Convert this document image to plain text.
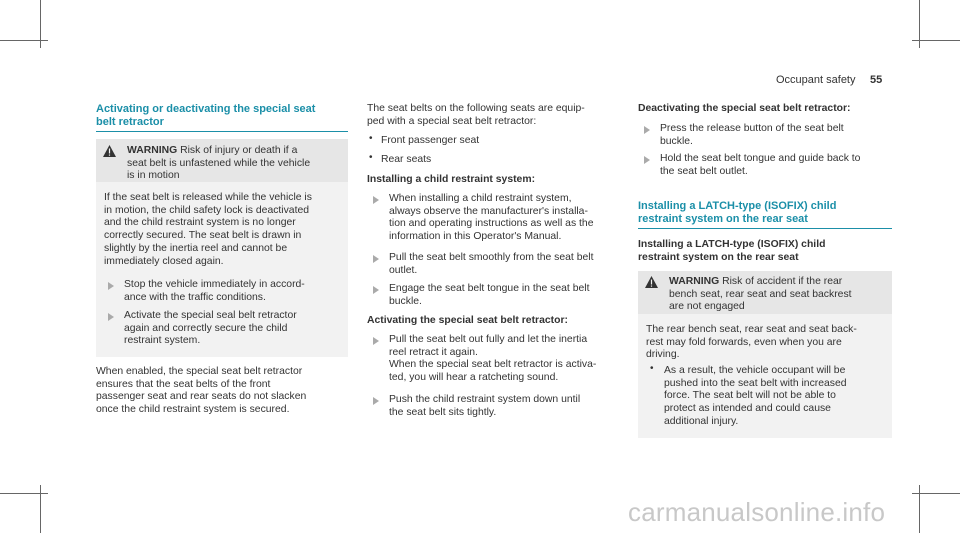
Occupant safety 55
Activating or deactivating the special seat
belt retractor
WARNING Risk of injury or death if a
seat belt is unfastened while the vehicle
is in motion
If the seat belt is released while the vehicle is
in motion, the child safety lock is deactivated
and the child restraint system is no longer
correctly secured. The seat belt is drawn in
slightly by the inertia reel and cannot be
immediately closed again.
Stop the vehicle immediately in accord-
ance with the traffic conditions.
Activate the special seal belt retractor
again and correctly secure the child
restraint system.
When enabled, the special seat belt retractor
ensures that the seat belts of the front
passenger seat and rear seats do not slacken
once the child restraint system is secured.
The seat belts on the following seats are equip-
ped with a special seat belt retractor:
• Front passenger seat
• Rear seats
Installing a child restraint system:
When installing a child restraint system,
always observe the manufacturer's installa-
tion and operating instructions as well as the
information in this Operator's Manual.
Pull the seat belt smoothly from the seat belt
outlet.
Engage the seat belt tongue in the seat belt
buckle.
Activating the special seat belt retractor:
Pull the seat belt out fully and let the inertia
reel retract it again.
When the special seat belt retractor is activa-
ted, you will hear a ratcheting sound.
Push the child restraint system down until
the seat belt sits tightly.
Deactivating the special seat belt retractor:
Press the release button of the seat belt
buckle.
Hold the seat belt tongue and guide back to
the seat belt outlet.
Installing a LATCH-type (ISOFIX) child
restraint system on the rear seat
Installing a LATCH-type (ISOFIX) child
restraint system on the rear seat
WARNING Risk of accident if the rear
bench seat, rear seat and seat backrest
are not engaged
The rear bench seat, rear seat and seat back-
rest may fold forwards, even when you are
driving.
• As a result, the vehicle occupant will be
pushed into the seat belt with increased
force. The seat belt will not be able to
protect as intended and could cause
additional injury.
carmanualsonline.info
